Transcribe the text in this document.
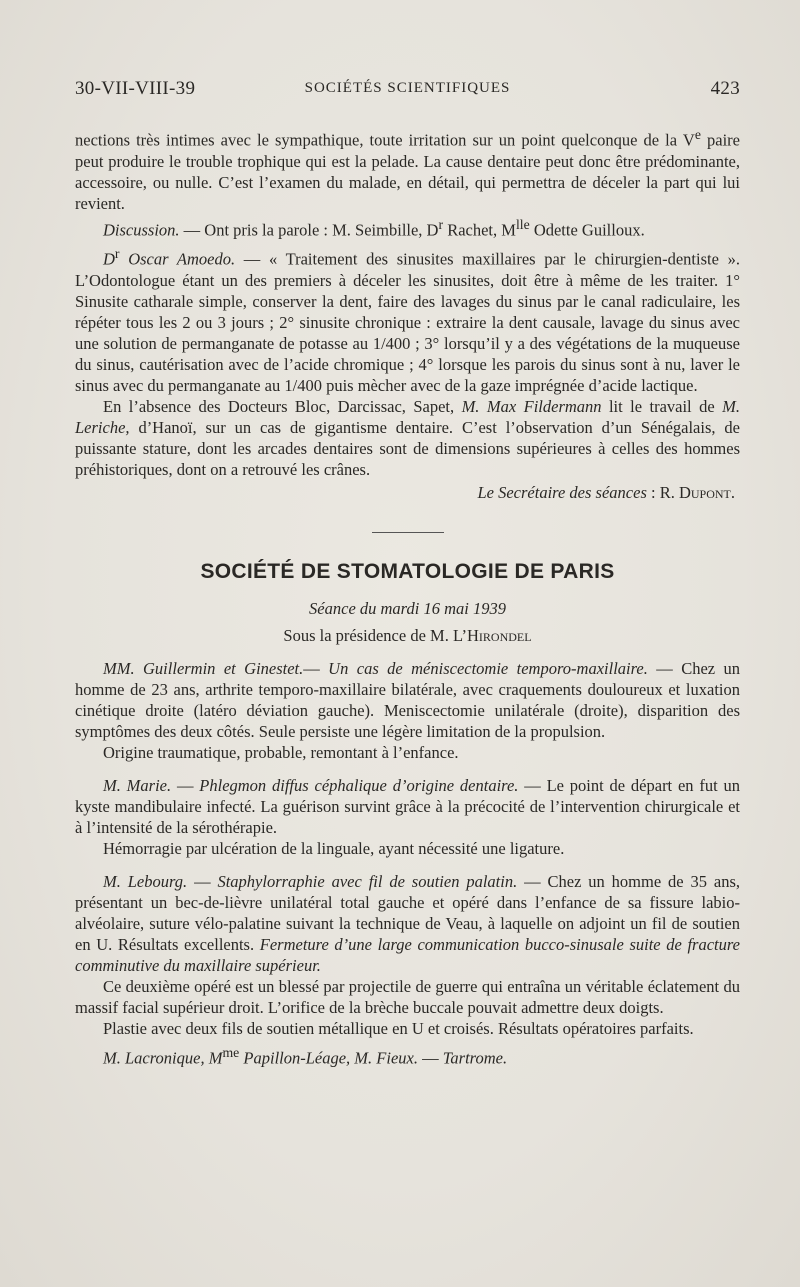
30-VII-VIII-39	SOCIÉTÉS SCIENTIFIQUES	423

nections très intimes avec le sympathique, toute irritation sur un point quelconque de la Ve paire peut produire le trouble trophique qui est la pelade. La cause dentaire peut donc être prédominante, accessoire, ou nulle. C’est l’examen du malade, en détail, qui permettra de déceler la part qui lui revient.

Discussion. — Ont pris la parole : M. Seimbille, $D^r$ Rachet, $M^{lle}$ Odette Guilloux.

$D^r$ Oscar Amoedo. — « Traitement des sinusites maxillaires par le chirurgien-dentiste ». L’Odontologue étant un des premiers à déceler les sinusites, doit être à même de les traiter. 1° Sinusite catharale simple, conserver la dent, faire des lavages du sinus par le canal radiculaire, les répéter tous les 2 ou 3 jours ; 2° sinusite chronique : extraire la dent causale, lavage du sinus avec une solution de permanganate de potasse au 1/400 ; 3° lorsqu’il y a des végétations de la muqueuse du sinus, cautérisation avec de l’acide chromique ; 4° lorsque les parois du sinus sont à nu, laver le sinus avec du permanganate au 1/400 puis mècher avec de la gaze imprégnée d’acide lactique.

En l’absence des Docteurs Bloc, Darcissac, Sapet, M. Max Fildermann lit le travail de M. Leriche, d’Hanoï, sur un cas de gigantisme dentaire. C’est l’observation d’un Sénégalais, de puissante stature, dont les arcades dentaires sont de dimensions supérieures à celles des hommes préhistoriques, dont on a retrouvé les crânes.

Le Secrétaire des séances : R. Dupont.

SOCIÉTÉ DE STOMATOLOGIE DE PARIS

Séance du mardi 16 mai 1939

Sous la présidence de M. L’Hirondel

MM. Guillermin et Ginestet.— Un cas de méniscectomie temporo-maxillaire. — Chez un homme de 23 ans, arthrite temporo-maxillaire bilatérale, avec craquements douloureux et luxation cinétique droite (latéro déviation gauche). Meniscectomie unilatérale (droite), disparition des symptômes des deux côtés. Seule persiste une légère limitation de la propulsion.

Origine traumatique, probable, remontant à l’enfance.

M. Marie. — Phlegmon diffus céphalique d’origine dentaire. — Le point de départ en fut un kyste mandibulaire infecté. La guérison survint grâce à la précocité de l’intervention chirurgicale et à l’intensité de la sérothérapie.

Hémorragie par ulcération de la linguale, ayant nécessité une ligature.

M. Lebourg. — Staphylorraphie avec fil de soutien palatin. — Chez un homme de 35 ans, présentant un bec-de-lièvre unilatéral total gauche et opéré dans l’enfance de sa fissure labio-alvéolaire, suture vélo-palatine suivant la technique de Veau, à laquelle on adjoint un fil de soutien en U. Résultats excellents. Fermeture d’une large communication bucco-sinusale suite de fracture comminutive du maxillaire supérieur.

Ce deuxième opéré est un blessé par projectile de guerre qui entraîna un véritable éclatement du massif facial supérieur droit. L’orifice de la brèche buccale pouvait admettre deux doigts.

Plastie avec deux fils de soutien métallique en U et croisés. Résultats opératoires parfaits.

M. Lacronique, $M^{me}$ Papillon-Léage, M. Fieux. — Tartrome.
